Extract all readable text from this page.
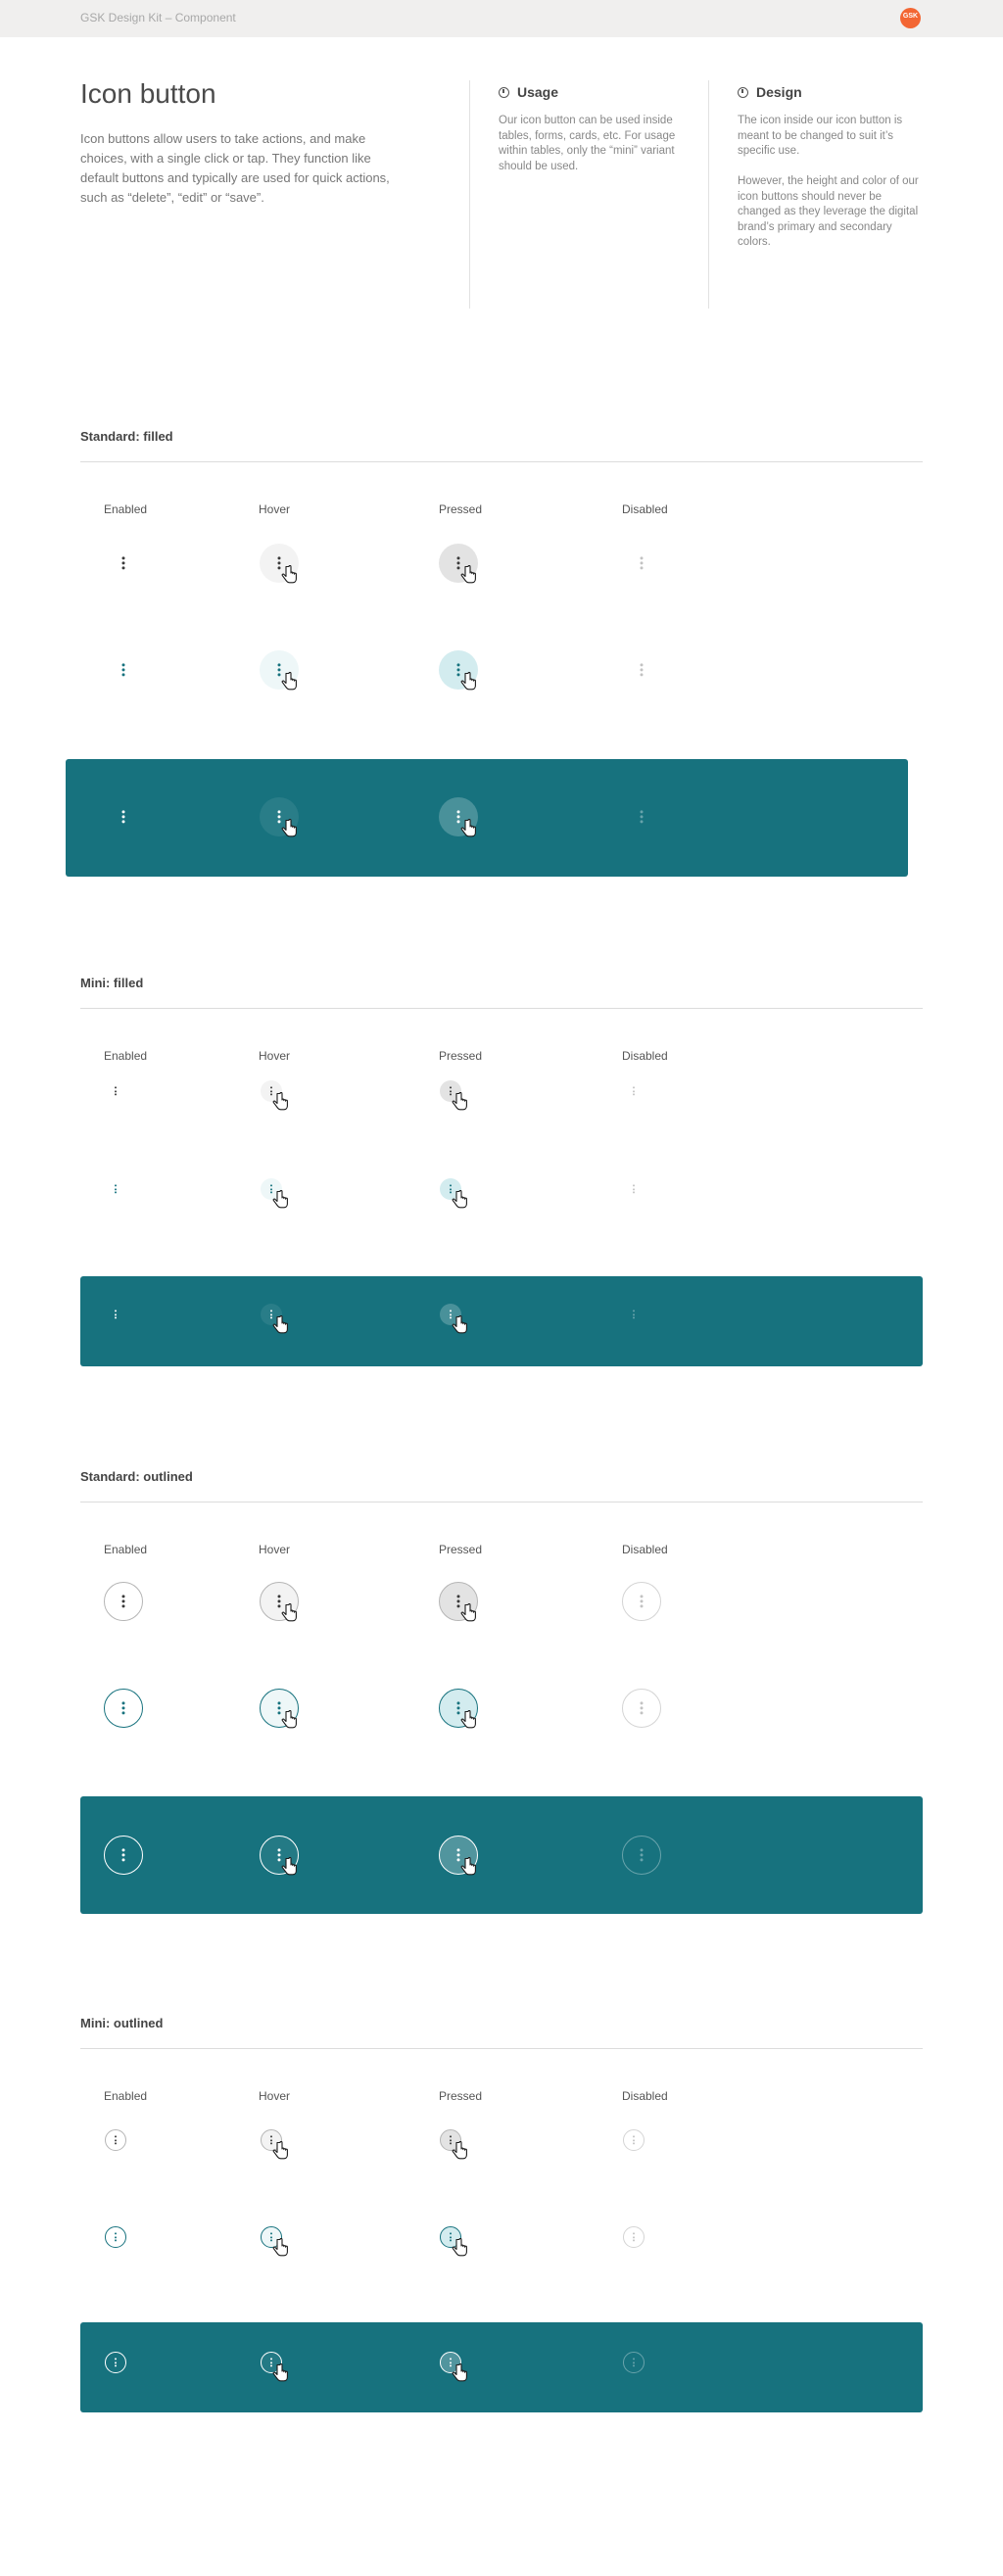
GSK Design Kit – Component	GSK
Icon button
Icon buttons allow users to take actions, and make choices, with a single click or tap. They function like default buttons and typically are used for quick actions, such as “delete”, “edit” or “save”.
Usage
Our icon button can be used inside tables, forms, cards, etc. For usage within tables, only the “mini” variant should be used.
Design
The icon inside our icon button is meant to be changed to suit it’s specific use.

However, the height and color of our icon buttons should never be changed as they leverage the digital brand’s primary and secondary colors.
Standard: filled
Enabled	Hover	Pressed	Disabled
Mini: filled
Enabled	Hover	Pressed	Disabled
Standard: outlined
Enabled	Hover	Pressed	Disabled
Mini: outlined
Enabled	Hover	Pressed	Disabled
